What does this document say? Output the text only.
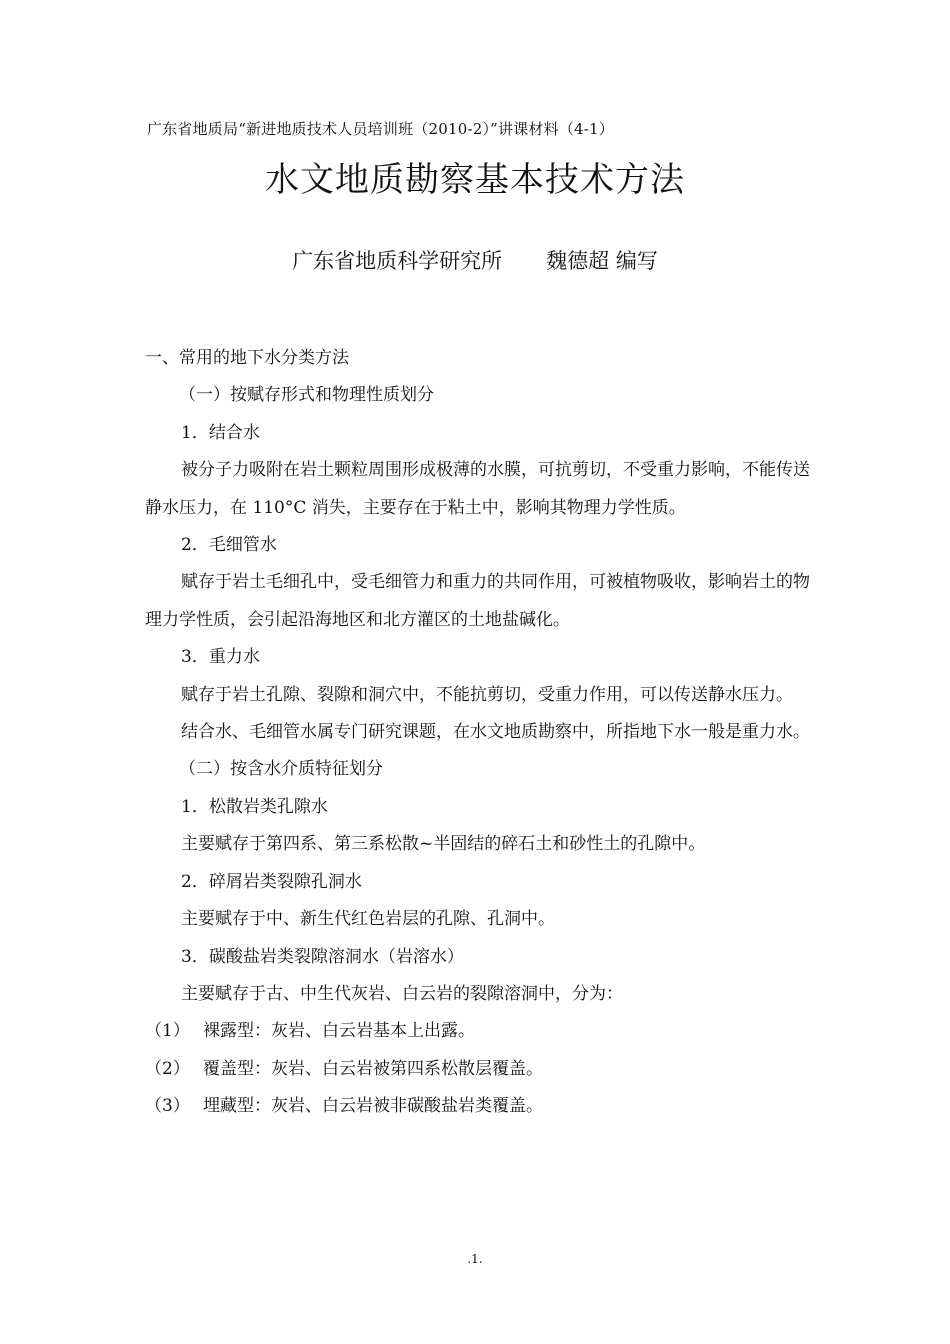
广东省地质局“新进地质技术人员培训班（2010-2）”讲课材料（4-1）
水文地质勘察基本技术方法
广东省地质科学研究所 魏德超 编写

一、常用的地下水分类方法

（一）按赋存形式和物理性质划分

1．结合水

被分子力吸附在岩土颗粒周围形成极薄的水膜，可抗剪切，不受重力影响，不能传送静水压力，在 110°C 消失，主要存在于粘土中，影响其物理力学性质。

2．毛细管水

赋存于岩土毛细孔中，受毛细管力和重力的共同作用，可被植物吸收，影响岩土的物理力学性质，会引起沿海地区和北方灌区的土地盐碱化。

3．重力水

赋存于岩土孔隙、裂隙和洞穴中，不能抗剪切，受重力作用，可以传送静水压力。

结合水、毛细管水属专门研究课题，在水文地质勘察中，所指地下水一般是重力水。

（二）按含水介质特征划分

1．松散岩类孔隙水

主要赋存于第四系、第三系松散~半固结的碎石土和砂性土的孔隙中。

2．碎屑岩类裂隙孔洞水

主要赋存于中、新生代红色岩层的孔隙、孔洞中。

3．碳酸盐岩类裂隙溶洞水（岩溶水）

主要赋存于古、中生代灰岩、白云岩的裂隙溶洞中，分为：

（1） 裸露型：灰岩、白云岩基本上出露。

（2） 覆盖型：灰岩、白云岩被第四系松散层覆盖。

（3） 埋藏型：灰岩、白云岩被非碳酸盐岩类覆盖。

.1.
